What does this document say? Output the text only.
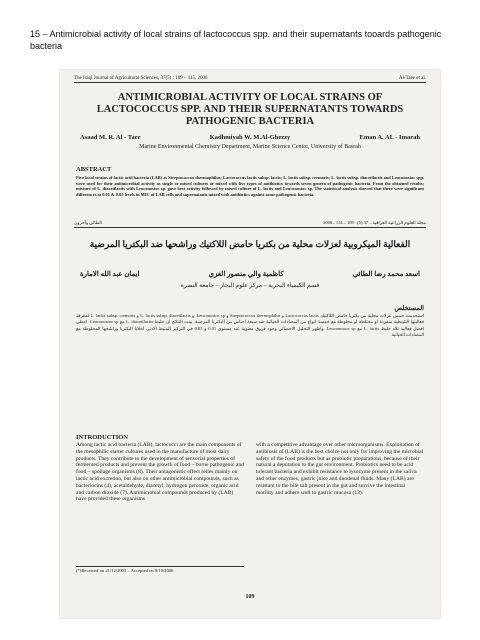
15 – Antimicrobial activity of local strains of lactococcus spp. and their supernatants tooards pathogenic bacteria
The Iraqi Journal of Agricultural Sciences, 37(5) : 109 – 115, 2006	Al-Taee et al.
ANTIMICROBIAL ACTIVITY OF LOCAL STRAINS OF LACTOCOCCUS SPP. AND THEIR SUPERNATANTS TOWARDS PATHOGENIC BACTERIA
Asaad M. R. Al - Taee	Kadhmiyah W. M.Al-Ghezzy	Eman A. AL - Imarah
Marine Environmental Chemistry Department, Marine Science Centre, University of Basrah
ABSTRACT
Five local strains of lactic acid bacteria (LAB) as Streptococcus thermophilus; Lactococcus lactis subsp. lactis; L. lactis subsp. cremoris; L. lactis subsp. diacetilactis and Leuconostoc spp. were used for their antimicrobial activity as single or mixed cultures or mixed with five types of antibiotics towards seven genera of pathogenic bacteria. From the obtained results; mixture of L. diacetilactis with Leuconostoc sp. gave best activity followed by mixed culture of L. lactis and Leuconostoc sp. The statistical analysis showed that there were significant differences at 0.01 & 0.05 levels in MIC of LAB cells and supernatants mixed with antibiotics against some pathogenic bacteria.
مجلة العلوم الزراعية العراقية – 37 (5) : 109 – 114 ، 2006
الطائي وآخرون
الفعالية الميكروبية لعزلات محلية من بكتريا حامض اللاكتيك وراشحها ضد البكتريا المرضية
اسعد محمد رضا الطائي
كاظمية والي منصور الغزي
ايمان عبد الله الامارة
قسم الكيمياء البحرية – مركز علوم البحار – جامعة البصرة
المستخلص
استخدمت خمس عزلات محلية من بكتريا حامض اللاكتيك Lactococcus lactis و Streptococcus thermophilus و Leuconostoc sp. و L. lactis subsp. diacetilactis و L. lactis subsp. cremoris لمعرفة فعاليتها التثبيطية منفردة او مختلطة او مخلوطة مع خمسة انواع من المضادات الحياتية ضد سبعة اجناس من البكتريا المرضية. بينت النتائج ان خليط L. diacetilactis مع Leuconostoc sp. اعطى افضل فعالية تلاه خليط L. lactis مع Leuconostoc sp. واظهر التحليل الاحصائي وجود فروق معنوية عند مستوى 0.01 و 0.05 في التركيز المثبط الادنى لخلايا البكتريا وراشحها المخلوطة مع المضادات الحياتية.
INTRODUCTION

Among lactic acid bacteria (LAB), lactococci are the main components of the mesophilic starter cultures used in the manufacture of most dairy products. They contribute to the development of sensorial properties of fermented products and prevent the growth of food – borne pathogenic and food – spoilage organisms (8). Their antagonistic effect relies mainly on lactic acid excretion, but also on other antimicrobial compounds, such as bacteriocins (4), acetaldehyde, diacetyl, hydrogen peroxide, organic acid and carbon dioxide (7). Antimicrobial compounds produced by (LAB) have provided these organisms

with a competitive advantage over other microorganisms. Exploitation of antibiosis of (LAB) is the best choice not only for improving the microbial safety of the food products but as probiotic preparations, because of their natural a deputation to the gut environment. Probiotics need to be acid tolerant bacteria and exhibit resistance to lysozyme present in the saliva and other enzymes, gastric juice and duodenal fluids. Many (LAB) are resistant to the bile salt present in the gut and survive the intestinal motility and adhere well to gastric mucosa (13).

(*)Received on 21/12/2005 – Accepted on 8/10/2006
109
